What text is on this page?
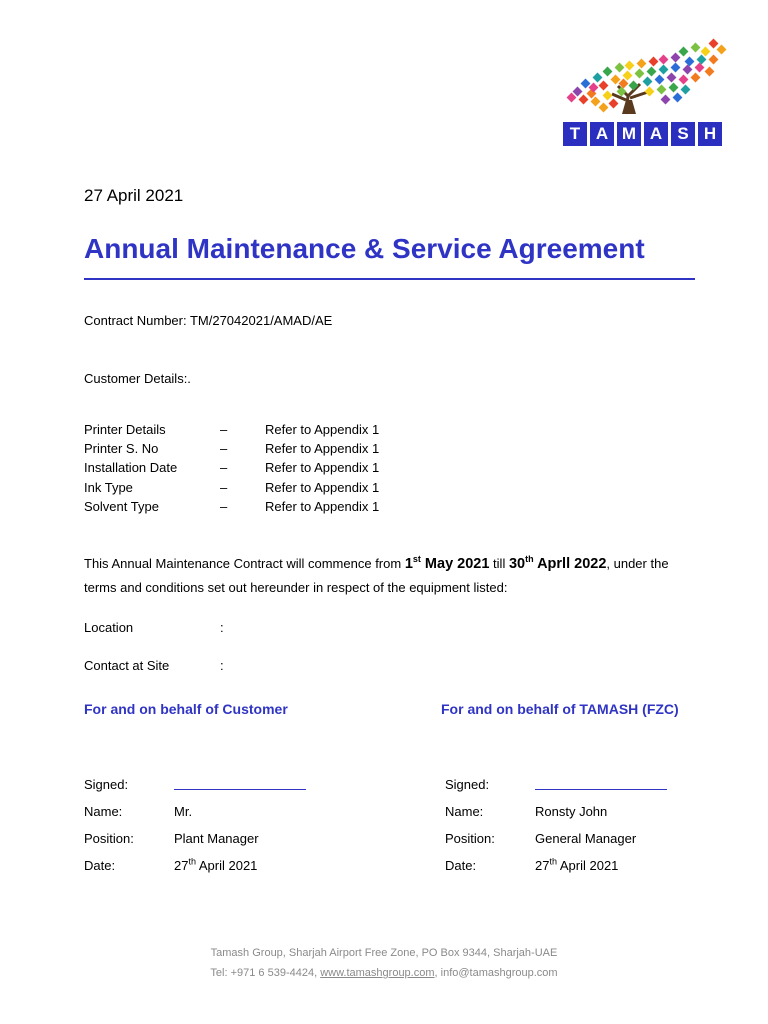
T A M A S H
27 April 2021
Annual Maintenance & Service Agreement
Contract Number: TM/27042021/AMAD/AE
Customer Details:.
Printer Details	–	Refer to Appendix 1
Printer S. No	–	Refer to Appendix 1
Installation Date	–	Refer to Appendix 1
Ink Type	–	Refer to Appendix 1
Solvent Type	–	Refer to Appendix 1
This Annual Maintenance Contract will commence from 1st May 2021 till 30th Aprll 2022, under the terms and conditions set out hereunder in respect of the equipment listed:
Location	:
Contact at Site	:
For and on behalf of Customer	For and on behalf of TAMASH (FZC)
Signed:
Name:	Mr.
Position:	Plant Manager
Date:	27th April 2021
Signed:
Name:	Ronsty John
Position:	General Manager
Date:	27th April 2021
Tamash Group, Sharjah Airport Free Zone, PO Box 9344, Sharjah-UAE
Tel: +971 6 539-4424, www.tamashgroup.com, info@tamashgroup.com
